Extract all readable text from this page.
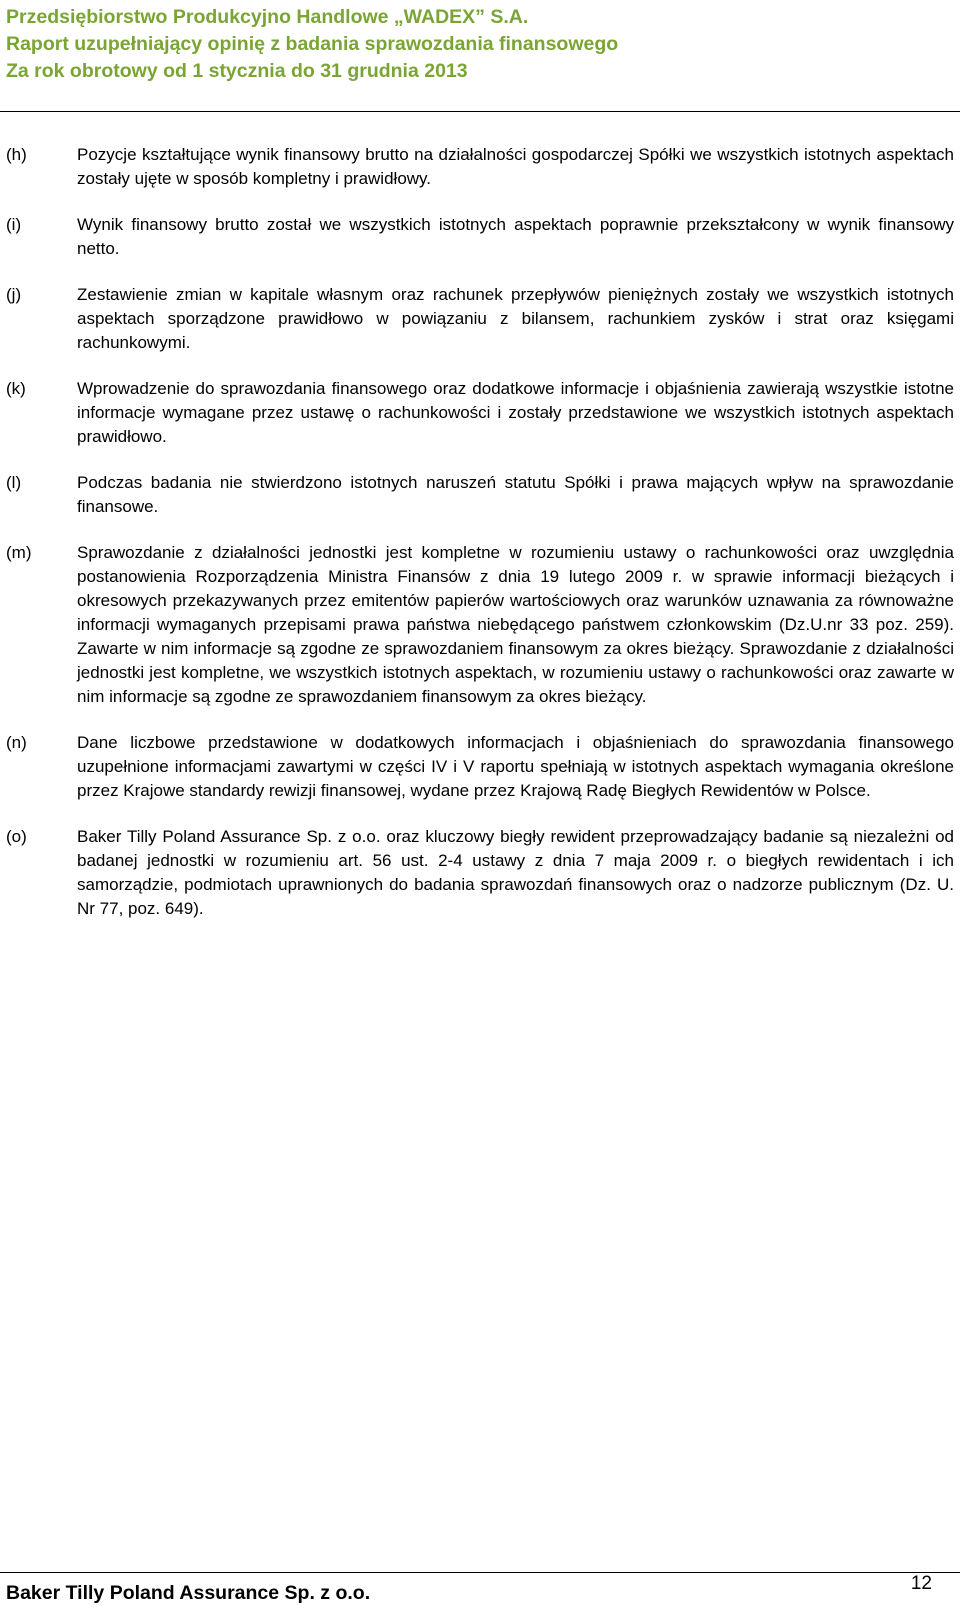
Przedsiębiorstwo Produkcyjno Handlowe „WADEX” S.A.
Raport uzupełniający opinię z badania sprawozdania finansowego
Za rok obrotowy od 1 stycznia do 31 grudnia 2013
(h)	Pozycje kształtujące wynik finansowy brutto na działalności gospodarczej Spółki we wszystkich istotnych aspektach zostały ujęte w sposób kompletny i prawidłowy.
(i)	Wynik finansowy brutto został we wszystkich istotnych aspektach poprawnie przekształcony w wynik finansowy netto.
(j)	Zestawienie zmian w kapitale własnym oraz rachunek przepływów pieniężnych zostały we wszystkich istotnych aspektach sporządzone prawidłowo w powiązaniu z bilansem, rachunkiem zysków i strat oraz księgami rachunkowymi.
(k)	Wprowadzenie do sprawozdania finansowego oraz dodatkowe informacje i objaśnienia zawierają wszystkie istotne informacje wymagane przez ustawę o rachunkowości i zostały przedstawione we wszystkich istotnych aspektach prawidłowo.
(l)	Podczas badania nie stwierdzono istotnych naruszeń statutu Spółki i prawa mających wpływ na sprawozdanie finansowe.
(m)	Sprawozdanie z działalności jednostki jest kompletne w rozumieniu ustawy o rachunkowości oraz uwzględnia postanowienia Rozporządzenia Ministra Finansów z dnia 19 lutego 2009 r. w sprawie informacji bieżących i okresowych przekazywanych przez emitentów papierów wartościowych oraz warunków uznawania za równoważne informacji wymaganych przepisami prawa państwa niebędącego państwem członkowskim (Dz.U.nr 33 poz. 259). Zawarte w nim informacje są zgodne ze sprawozdaniem finansowym za okres bieżący. Sprawozdanie z działalności jednostki jest kompletne, we wszystkich istotnych aspektach, w rozumieniu ustawy o rachunkowości oraz zawarte w nim informacje są zgodne ze sprawozdaniem finansowym za okres bieżący.
(n)	Dane liczbowe przedstawione w dodatkowych informacjach i objaśnieniach do sprawozdania finansowego uzupełnione informacjami zawartymi w części IV i V raportu spełniają w istotnych aspektach wymagania określone przez Krajowe standardy rewizji finansowej, wydane przez Krajową Radę Biegłych Rewidentów w Polsce.
(o)	Baker Tilly Poland Assurance Sp. z o.o. oraz kluczowy biegły rewident przeprowadzający badanie są niezależni od badanej jednostki w rozumieniu art. 56 ust. 2-4 ustawy z dnia 7 maja 2009 r. o biegłych rewidentach i ich samorządzie, podmiotach uprawnionych do badania sprawozdań finansowych oraz o nadzorze publicznym (Dz. U. Nr 77, poz. 649).
Baker Tilly Poland Assurance Sp. z o.o.	12
